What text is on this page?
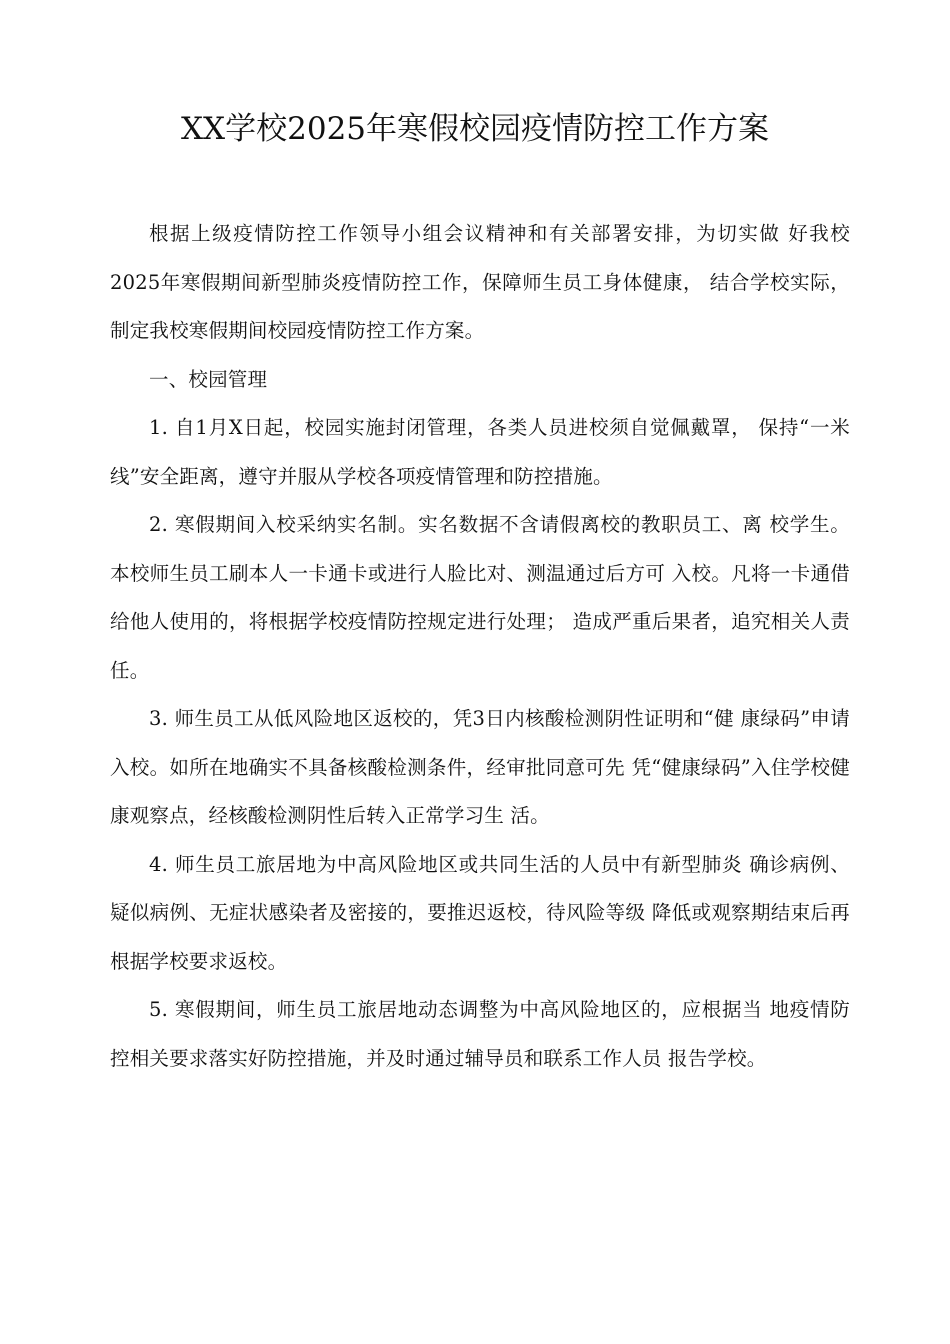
XX学校2025年寒假校园疫情防控工作方案

根据上级疫情防控工作领导小组会议精神和有关部署安排，为切实做 好我校2025年寒假期间新型肺炎疫情防控工作，保障师生员工身体健康， 结合学校实际，制定我校寒假期间校园疫情防控工作方案。

一、校园管理

1. 自1月X日起，校园实施封闭管理，各类人员进校须自觉佩戴罩， 保持“一米线”安全距离，遵守并服从学校各项疫情管理和防控措施。

2. 寒假期间入校采纳实名制。实名数据不含请假离校的教职员工、离 校学生。本校师生员工刷本人一卡通卡或进行人脸比对、测温通过后方可 入校。凡将一卡通借给他人使用的，将根据学校疫情防控规定进行处理； 造成严重后果者，追究相关人责任。

3. 师生员工从低风险地区返校的，凭3日内核酸检测阴性证明和“健 康绿码”申请入校。如所在地确实不具备核酸检测条件，经审批同意可先 凭“健康绿码”入住学校健康观察点，经核酸检测阴性后转入正常学习生 活。

4. 师生员工旅居地为中高风险地区或共同生活的人员中有新型肺炎 确诊病例、疑似病例、无症状感染者及密接的，要推迟返校，待风险等级 降低或观察期结束后再根据学校要求返校。

5. 寒假期间，师生员工旅居地动态调整为中高风险地区的，应根据当 地疫情防控相关要求落实好防控措施，并及时通过辅导员和联系工作人员 报告学校。
